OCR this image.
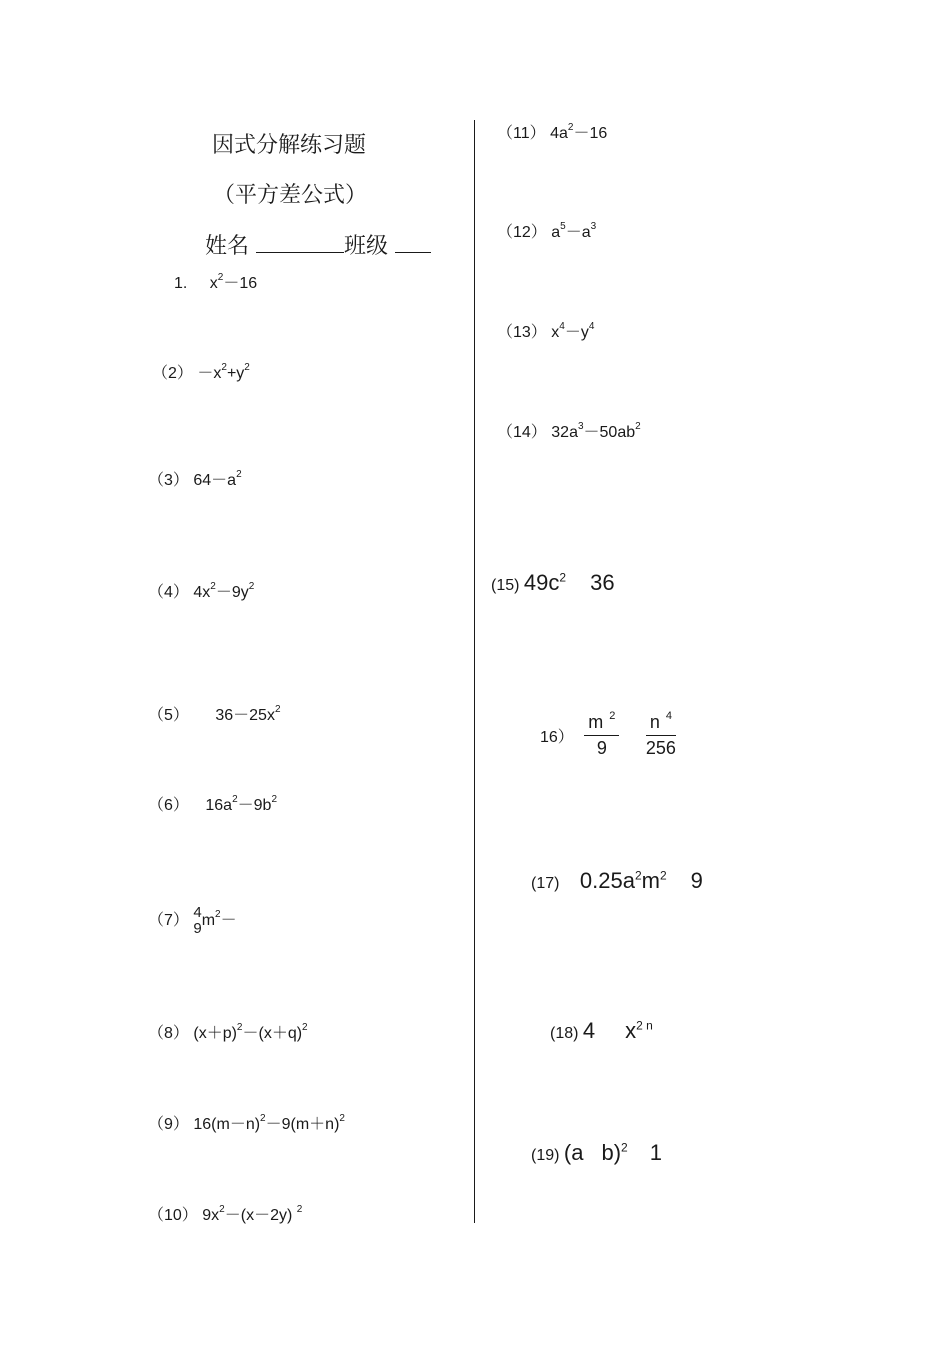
因式分解练习题
（平方差公式）
姓名	班级
1. $x^2-16$
$(2) -x^2+y^2$
（3） $64-a^2$
（4） $4x^2-9y^2$
（5） $36-25x^2$
（6） $16a^2-9b^2$
（7） 4
9 $m^2-$
（8） $(x+p)^2-(x+q)^2$
（9） $16(m-n)^2-9(m+n)^2$
（10） $9x^2-(x-2y)$ $^2$
（11） $4a^2-16$
（12） $a^5-a^3$
（13） $x^4-y^4$
（14） $32a^3-50ab^2$
(15) $49c^2$ 36
$16) \frac{m ^2}{9}$
$\frac{n ^4}{256}$
(17) $0.25a^2m^2$ 9
(18) 4 $x^{2 n}$
(19) (a b)$^2$ 1
